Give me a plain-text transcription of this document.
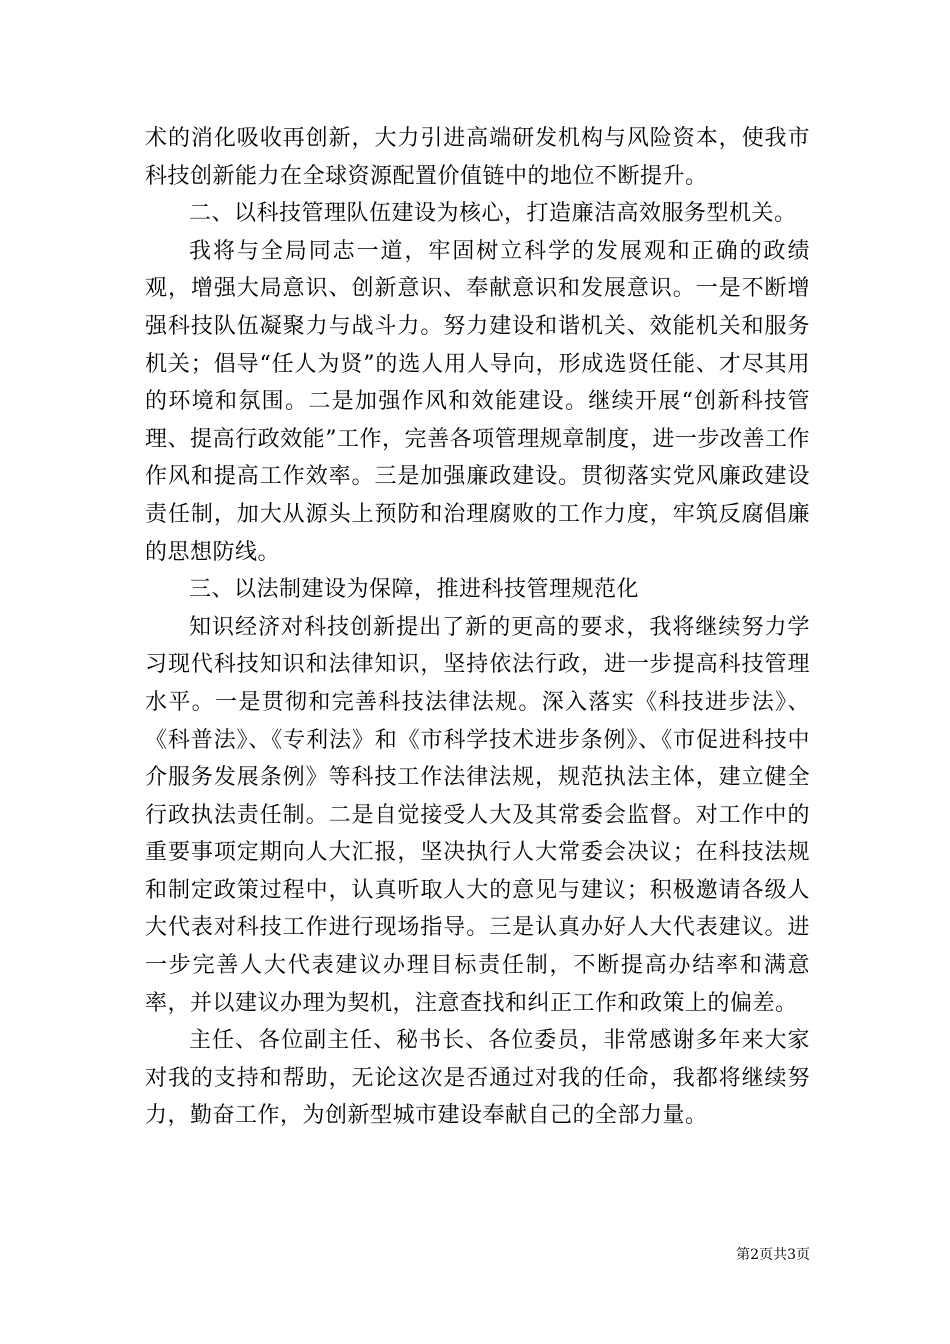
术的消化吸收再创新，大力引进高端研发机构与风险资本，使我市科技创新能力在全球资源配置价值链中的地位不断提升。

二、以科技管理队伍建设为核心，打造廉洁高效服务型机关。

我将与全局同志一道，牢固树立科学的发展观和正确的政绩观，增强大局意识、创新意识、奉献意识和发展意识。一是不断增强科技队伍凝聚力与战斗力。努力建设和谐机关、效能机关和服务机关；倡导“任人为贤”的选人用人导向，形成选贤任能、才尽其用的环境和氛围。二是加强作风和效能建设。继续开展“创新科技管理、提高行政效能”工作，完善各项管理规章制度，进一步改善工作作风和提高工作效率。三是加强廉政建设。贯彻落实党风廉政建设责任制，加大从源头上预防和治理腐败的工作力度，牢筑反腐倡廉的思想防线。

三、以法制建设为保障，推进科技管理规范化

知识经济对科技创新提出了新的更高的要求，我将继续努力学习现代科技知识和法律知识，坚持依法行政，进一步提高科技管理水平。一是贯彻和完善科技法律法规。深入落实《科技进步法》、《科普法》、《专利法》和《市科学技术进步条例》、《市促进科技中介服务发展条例》等科技工作法律法规，规范执法主体，建立健全行政执法责任制。二是自觉接受人大及其常委会监督。对工作中的重要事项定期向人大汇报，坚决执行人大常委会决议；在科技法规和制定政策过程中，认真听取人大的意见与建议；积极邀请各级人大代表对科技工作进行现场指导。三是认真办好人大代表建议。进一步完善人大代表建议办理目标责任制，不断提高办结率和满意率，并以建议办理为契机，注意查找和纠正工作和政策上的偏差。

主任、各位副主任、秘书长、各位委员，非常感谢多年来大家对我的支持和帮助，无论这次是否通过对我的任命，我都将继续努力，勤奋工作，为创新型城市建设奉献自己的全部力量。

第2页共3页
